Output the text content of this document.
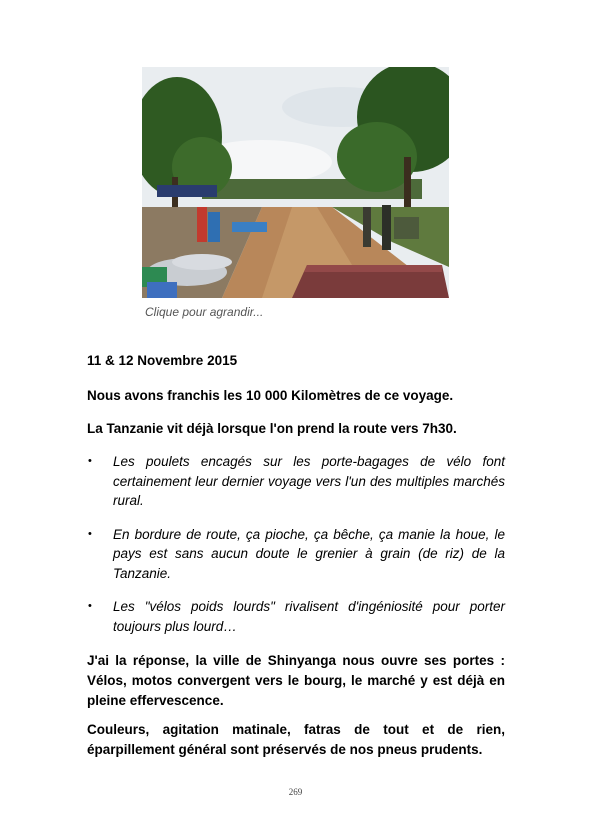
Clique pour agrandir...
11 & 12 Novembre 2015
Nous avons franchis les 10 000 Kilomètres de ce voyage.
La Tanzanie vit déjà lorsque l'on prend la route vers 7h30.
• Les poulets encagés sur les porte-bagages de vélo font certainement leur dernier voyage vers l'un des multiples marchés rural.
• En bordure de route, ça pioche, ça bêche, ça manie la houe, le pays est sans aucun doute le grenier à grain (de riz) de la Tanzanie.
• Les "vélos poids lourds" rivalisent d'ingéniosité pour porter toujours plus lourd…
J'ai la réponse, la ville de Shinyanga nous ouvre ses portes : Vélos, motos convergent vers le bourg, le marché y est déjà en pleine effervescence.
Couleurs, agitation matinale, fatras de tout et de rien, éparpillement général sont préservés de nos pneus prudents.
269
